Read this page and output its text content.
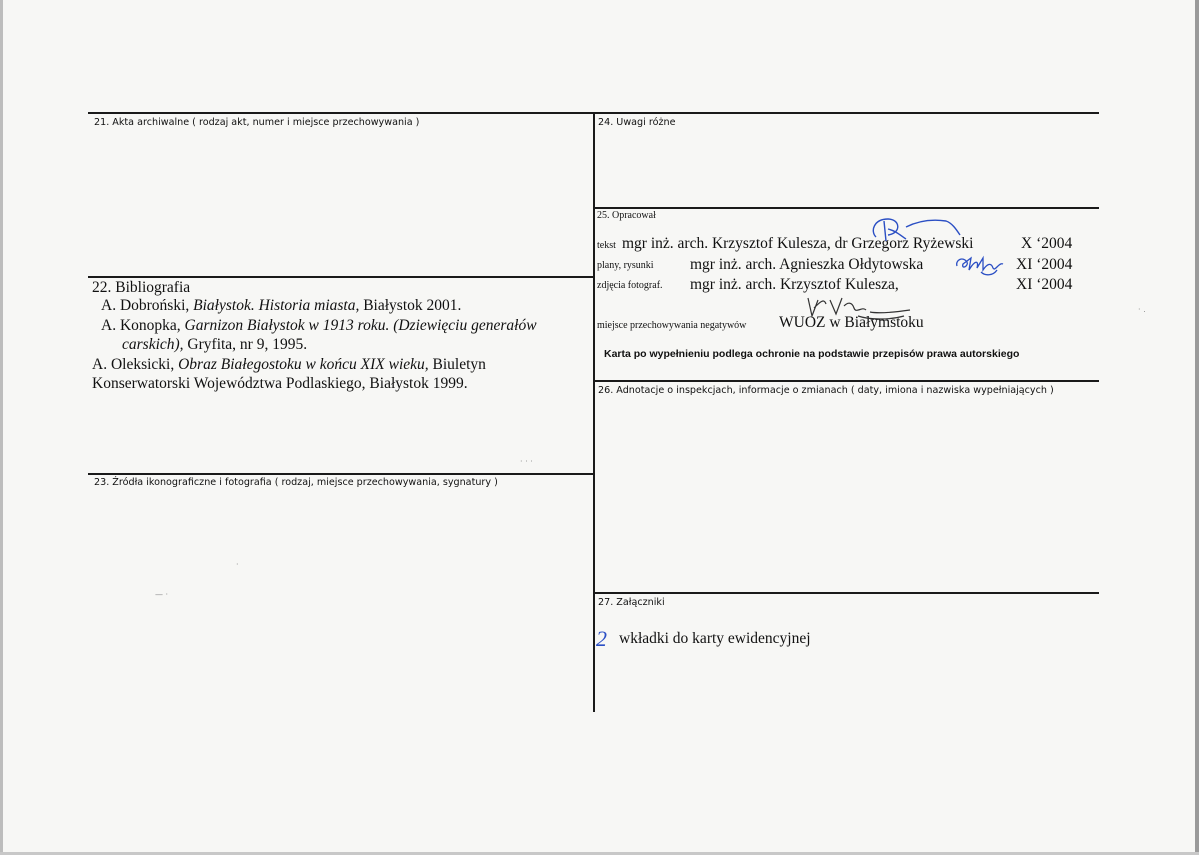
21. Akta archiwalne ( rodzaj akt, numer i miejsce przechowywania )
22. Bibliografia
A. Dobroński, Białystok. Historia miasta, Białystok 2001.
A. Konopka, Garnizon Białystok w 1913 roku. (Dziewięciu generałów
carskich), Gryfita, nr 9, 1995.
A. Oleksicki, Obraz Białegostoku w końcu XIX wieku, Biuletyn
Konserwatorski Województwa Podlaskiego, Białystok 1999.
23. Źródła ikonograficzne i fotografia ( rodzaj, miejsce przechowywania, sygnatury )
24. Uwagi różne
25. Opracował
tekst mgr inż. arch. Krzysztof Kulesza, dr Grzegorz Ryżewski	X ‘2004
plany, rysunki mgr inż. arch. Agnieszka Ołdytowska	XI ‘2004
zdjęcia fotograf. mgr inż. arch. Krzysztof Kulesza,	XI ‘2004
miejsce przechowywania negatywów WUOZ w Białymstoku
Karta po wypełnieniu podlega ochronie na podstawie przepisów prawa autorskiego
26. Adnotacje o inspekcjach, informacje o zmianach ( daty, imiona i nazwiska wypełniających )
27. Załączniki
2 wkładki do karty ewidencyjnej
· · ·
— ·
·
· .
